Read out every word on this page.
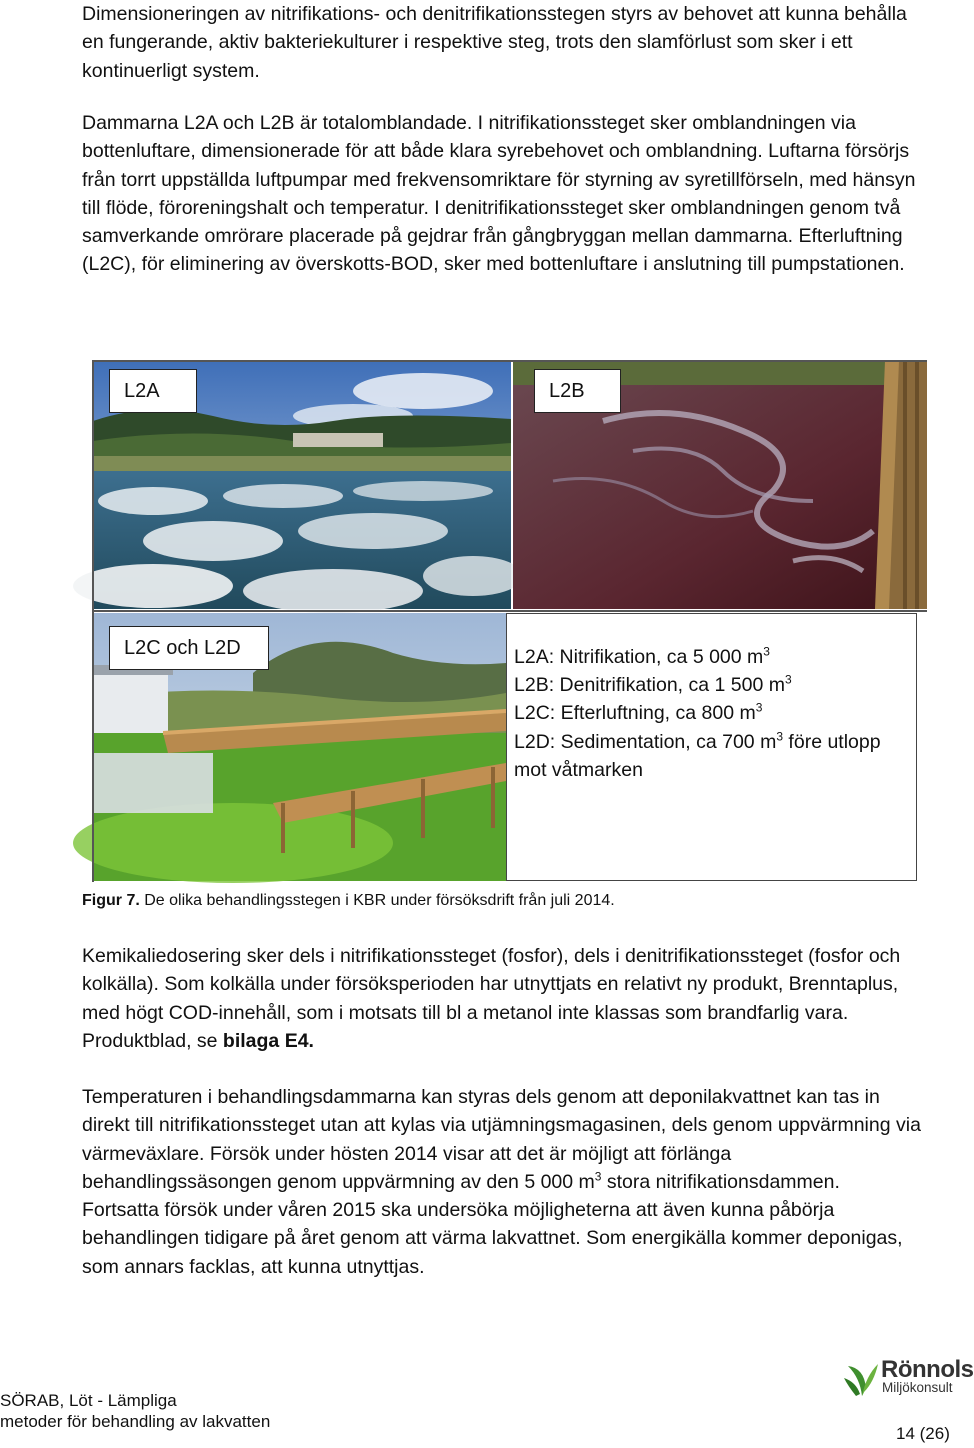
Dimensioneringen av nitrifikations- och denitrifikationsstegen styrs av behovet att kunna behålla en fungerande, aktiv bakteriekulturer i respektive steg, trots den slamförlust som sker i ett kontinuerligt system.
Dammarna L2A och L2B är totalomblandade. I nitrifikationssteget sker omblandningen via bottenluftare, dimensionerade för att både klara syrebehovet och omblandning. Luftarna försörjs från torrt uppställda luftpumpar med frekvensomriktare för styrning av syretillförseln, med hänsyn till flöde, föroreningshalt och temperatur. I denitrifikationssteget sker omblandningen genom två samverkande omrörare placerade på gejdrar från gångbryggan mellan dammarna. Efterluftning (L2C), för eliminering av överskotts-BOD, sker med bottenluftare i anslutning till pumpstationen.
L2A	L2B
L2C och L2D	L2A: Nitrifikation, ca 5 000 $m^3$
L2B: Denitrifikation, ca 1 500 $m^3$
L2C: Efterluftning, ca 800 $m^3$
L2D: Sedimentation, ca 700 $m^3$ före utlopp mot våtmarken
Figur 7. De olika behandlingsstegen i KBR under försöksdrift från juli 2014.
Kemikaliedosering sker dels i nitrifikationssteget (fosfor), dels i denitrifikationssteget (fosfor och kolkälla). Som kolkälla under försöksperioden har utnyttjats en relativt ny produkt, Brenntaplus, med högt COD-innehåll, som i motsats till bl a metanol inte klassas som brandfarlig vara. Produktblad, se bilaga E4.
Temperaturen i behandlingsdammarna kan styras dels genom att deponilakvattnet kan tas in direkt till nitrifikationssteget utan att kylas via utjämningsmagasinen, dels genom uppvärmning via värmeväxlare. Försök under hösten 2014 visar att det är möjligt att förlänga behandlingssäsongen genom uppvärmning av den 5 000 $m^3$ stora nitrifikationsdammen. Fortsatta försök under våren 2015 ska undersöka möjligheterna att även kunna påbörja behandlingen tidigare på året genom att värma lakvattnet. Som energikälla kommer deponigas, som annars facklas, att kunna utnyttjas.
SÖRAB, Löt - Lämpliga
metoder för behandling av lakvatten
Rönnols
Miljökonsult
14 (26)
